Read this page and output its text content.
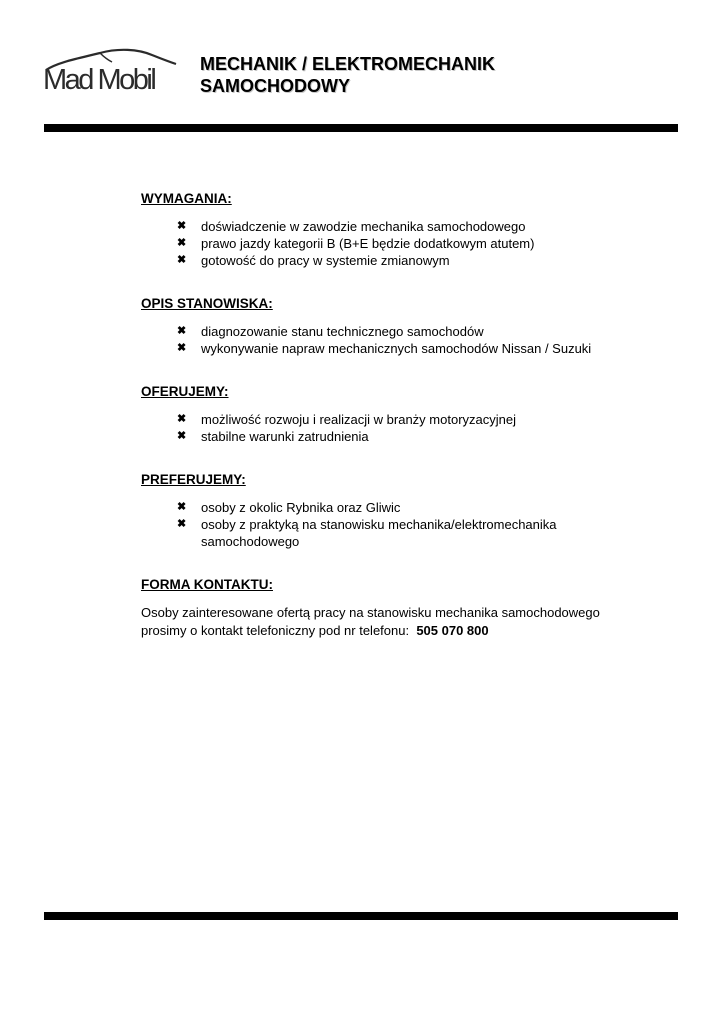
Mad Mobil	MECHANIK / ELEKTROMECHANIK
SAMOCHODOWY
WYMAGANIA:
✖ doświadczenie w zawodzie mechanika samochodowego
✖ prawo jazdy kategorii B (B+E będzie dodatkowym atutem)
✖ gotowość do pracy w systemie zmianowym
OPIS STANOWISKA:
✖ diagnozowanie stanu technicznego samochodów
✖ wykonywanie napraw mechanicznych samochodów Nissan / Suzuki
OFERUJEMY:
✖ możliwość rozwoju i realizacji w branży motoryzacyjnej
✖ stabilne warunki zatrudnienia
PREFERUJEMY:
✖ osoby z okolic Rybnika oraz Gliwic
✖ osoby z praktyką na stanowisku mechanika/elektromechanika samochodowego
FORMA KONTAKTU:

Osoby zainteresowane ofertą pracy na stanowisku mechanika samochodowego
prosimy o kontakt telefoniczny pod nr telefonu: 505 070 800
